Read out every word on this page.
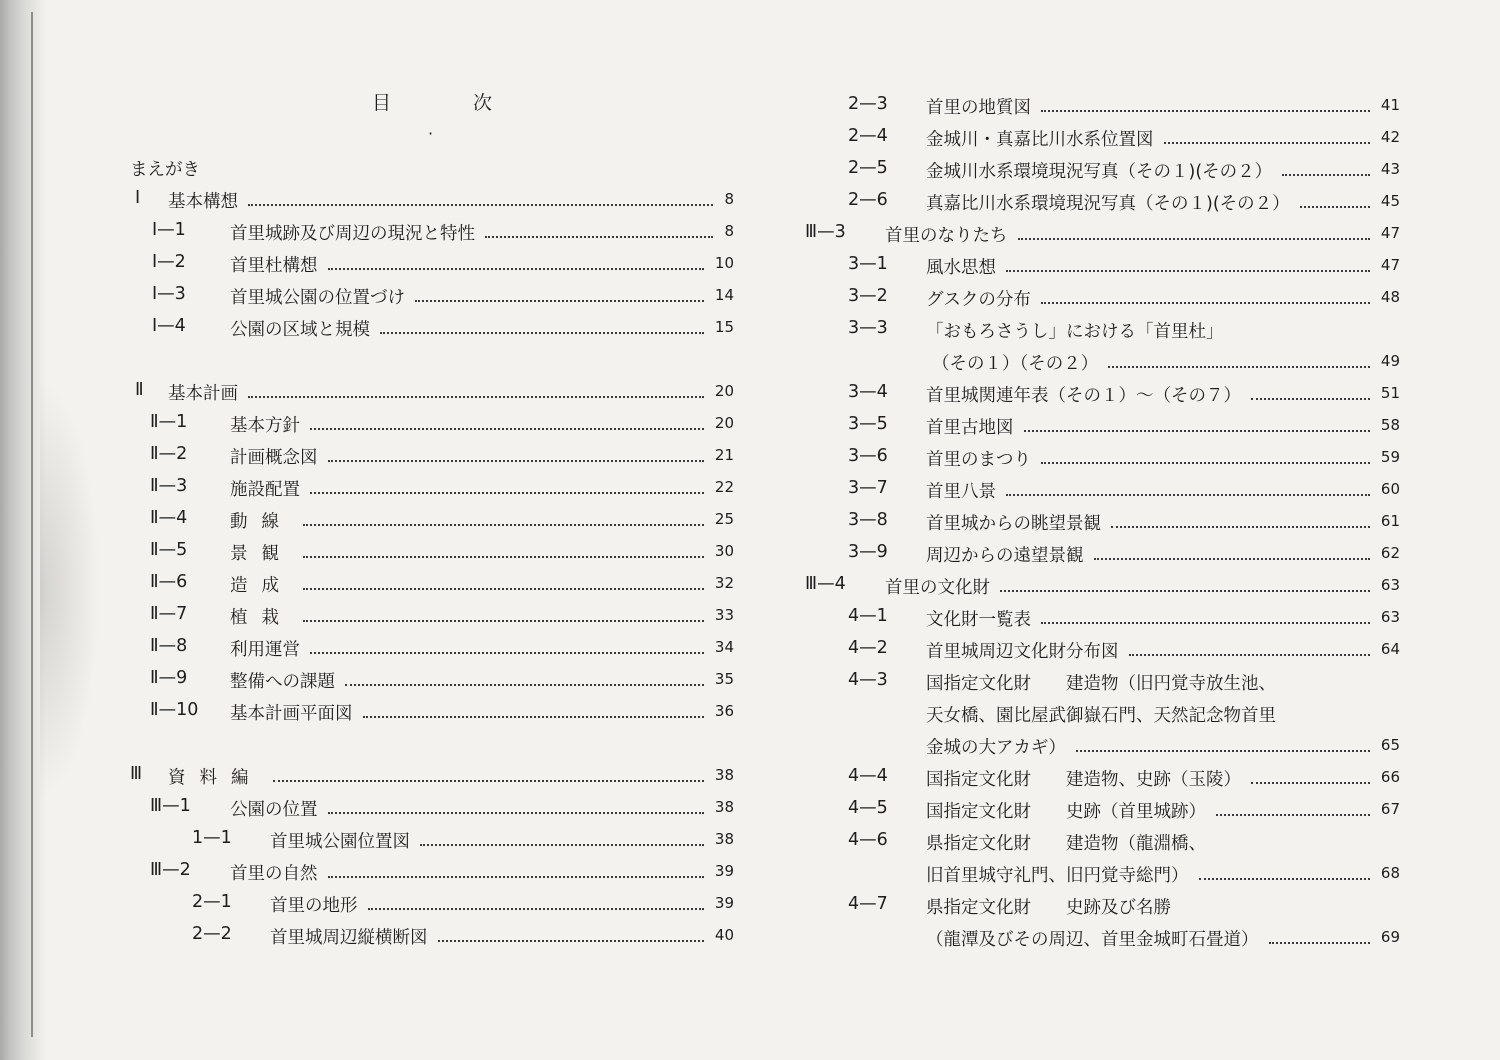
目	次
·
まえがき
Ⅰ 基本構想	8
Ⅰ—1	首里城跡及び周辺の現況と特性	8
Ⅰ—2	首里杜構想	10
Ⅰ—3	首里城公園の位置づけ	14
Ⅰ—4	公園の区域と規模	15
Ⅱ 基本計画	20
Ⅱ—1 基本方針	20
Ⅱ—2 計画概念図	21
Ⅱ—3 施設配置	22
Ⅱ—4 動線	25
Ⅱ—5 景観	30
Ⅱ—6 造成	32
Ⅱ—7 植栽	33
Ⅱ—8 利用運営	34
Ⅱ—9 整備への課題	35
Ⅱ—10 基本計画平面図	36
Ⅲ 資料編	38
Ⅲ—1 公園の位置	38
1—1 首里城公園位置図	38
Ⅲ—2 首里の自然	39
2—1 首里の地形	39
2—2 首里城周辺縦横断図	40
2—3 首里の地質図	41
2—4 金城川・真嘉比川水系位置図	42
2—5 金城川水系環境現況写真（その１)(その２）	43
2—6 真嘉比川水系環境現況写真（その１)(その２）	45
Ⅲ—3 首里のなりたち	47
3—1 風水思想	47
3—2 グスクの分布	48
3—3 「おもろさうし」における「首里杜」
（その１）（その２）	49
3—4 首里城関連年表（その１）～（その７）	51
3—5 首里古地図	58
3—6 首里のまつり	59
3—7 首里八景	60
3—8 首里城からの眺望景観	61
3—9 周辺からの遠望景観	62
Ⅲ—4 首里の文化財	63
4—1 文化財一覧表	63
4—2 首里城周辺文化財分布図	64
4—3 国指定文化財　　建造物（旧円覚寺放生池、
天女橋、園比屋武御嶽石門、天然記念物首里
金城の大アカギ）	65
4—4 国指定文化財　　建造物、史跡（玉陵）	66
4—5 国指定文化財　　史跡（首里城跡）	67
4—6 県指定文化財　　建造物（龍淵橋、
旧首里城守礼門、旧円覚寺総門）	68
4—7 県指定文化財　　史跡及び名勝
（龍潭及びその周辺、首里金城町石畳道）	69
